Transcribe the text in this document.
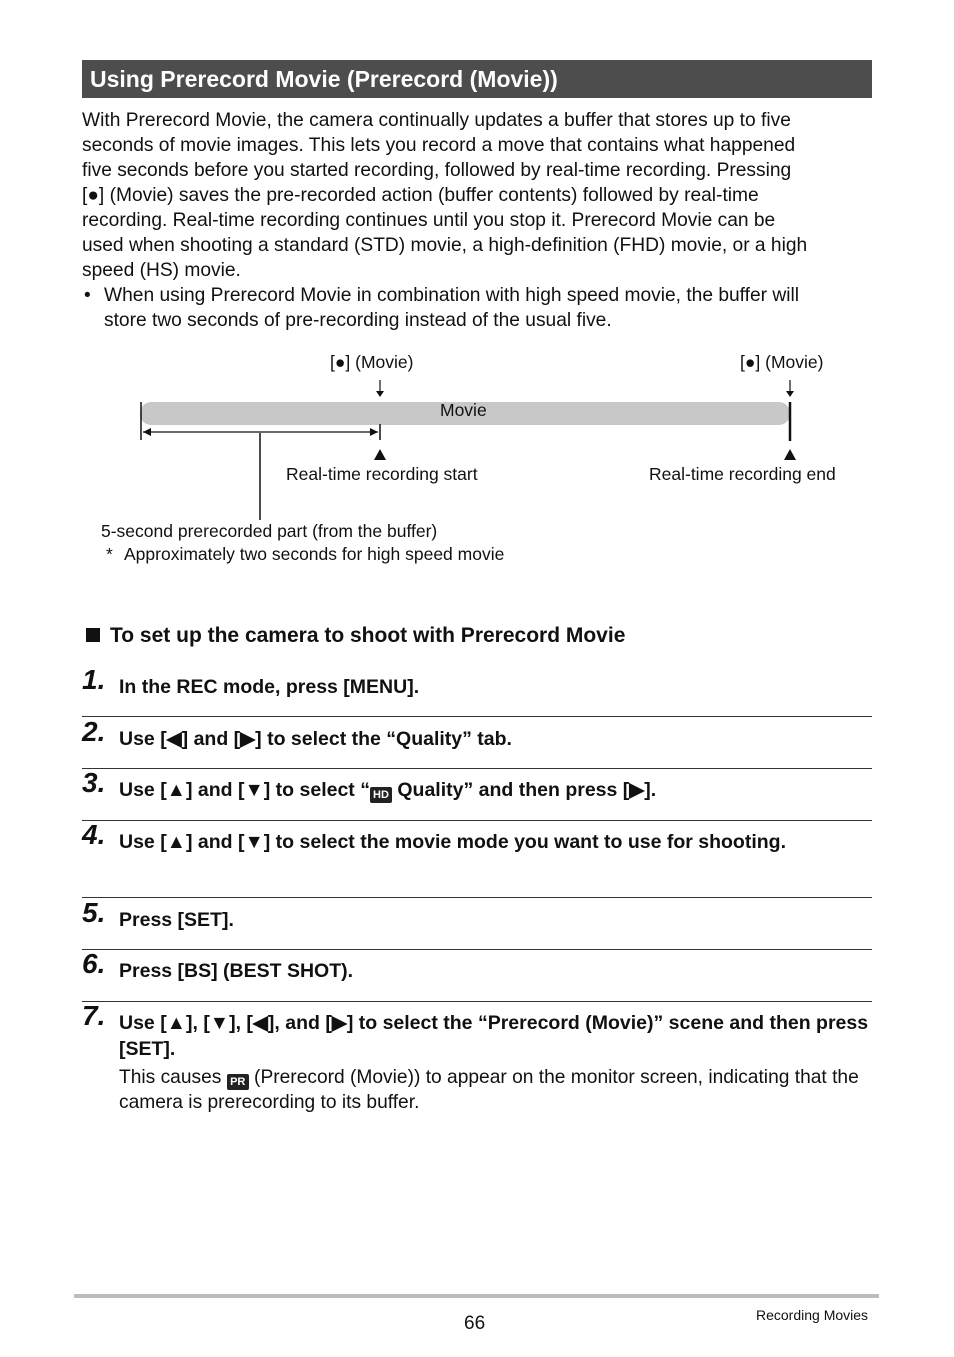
Using Prerecord Movie (Prerecord (Movie))
With Prerecord Movie, the camera continually updates a buffer that stores up to five
seconds of movie images. This lets you record a move that contains what happened
five seconds before you started recording, followed by real-time recording. Pressing
[●] (Movie) saves the pre-recorded action (buffer contents) followed by real-time
recording. Real-time recording continues until you stop it. Prerecord Movie can be
used when shooting a standard (STD) movie, a high-definition (FHD) movie, or a high
speed (HS) movie.
• When using Prerecord Movie in combination with high speed movie, the buffer will
store two seconds of pre-recording instead of the usual five.
[●] (Movie)	[●] (Movie)
Movie
Real-time recording start	Real-time recording end
5-second prerecorded part (from the buffer)
* Approximately two seconds for high speed movie
To set up the camera to shoot with Prerecord Movie
1. In the REC mode, press [MENU].
2. Use [◀] and [▶] to select the “Quality” tab.
3. Use [▲] and [▼] to select “ HD Quality” and then press [▶].
4. Use [▲] and [▼] to select the movie mode you want to use for shooting.
5. Press [SET].
6. Press [BS] (BEST SHOT).
7. Use [▲], [▼], [◀], and [▶] to select the “Prerecord (Movie)” scene and then press [SET].
This causes PR (Prerecord (Movie)) to appear on the monitor screen, indicating that the camera is prerecording to its buffer.
66	Recording Movies
